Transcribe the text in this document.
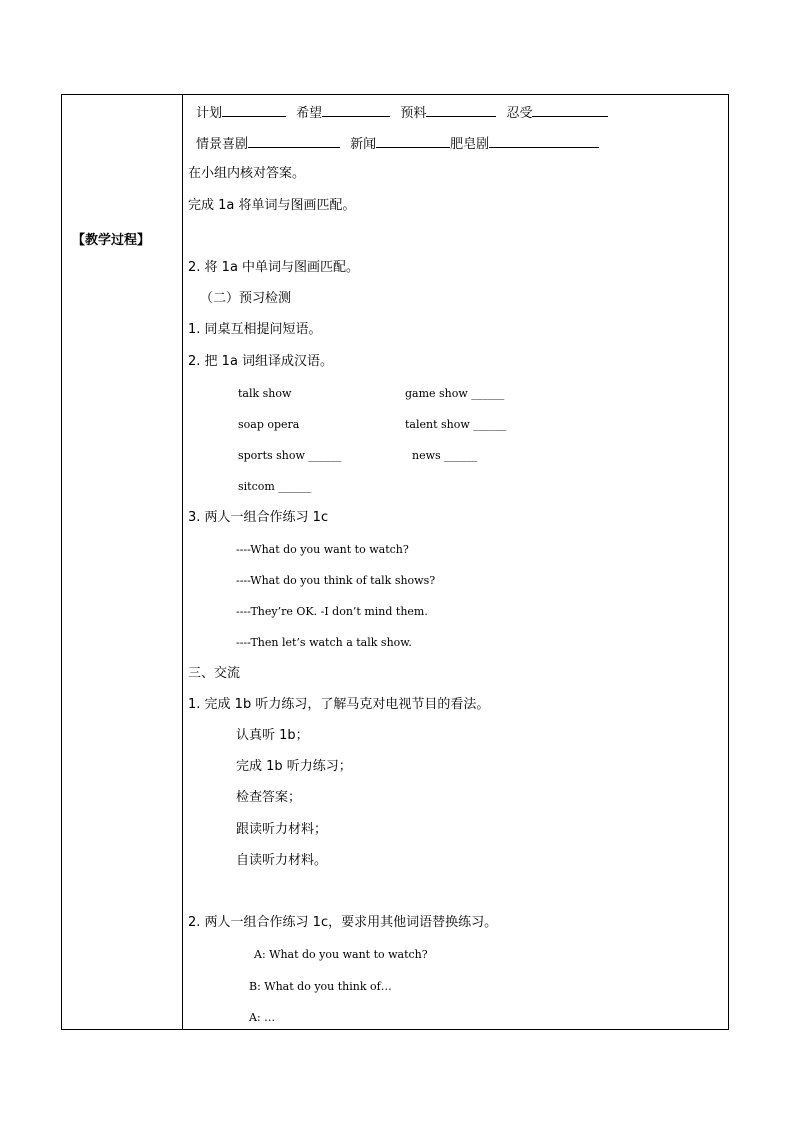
【教学过程】
计划	希望	预料	忍受
情景喜剧	新闻	肥皂剧
在小组内核对答案。
完成 1a 将单词与图画匹配。
2. 将 1a 中单词与图画匹配。
（二）预习检测
1. 同桌互相提问短语。
2. 把 1a 词组译成汉语。
talk show	game show ______
soap opera	talent show ______
sports show ______	news ______
sitcom ______
3. 两人一组合作练习 1c
----What do you want to watch?
----What do you think of talk shows?
----They’re OK. -I don’t mind them.
----Then let’s watch a talk show.
三、交流
1. 完成 1b 听力练习，了解马克对电视节目的看法。
认真听 1b；
完成 1b 听力练习；
检查答案；
跟读听力材料；
自读听力材料。
2. 两人一组合作练习 1c，要求用其他词语替换练习。
A: What do you want to watch?
B: What do you think of…
A: …
